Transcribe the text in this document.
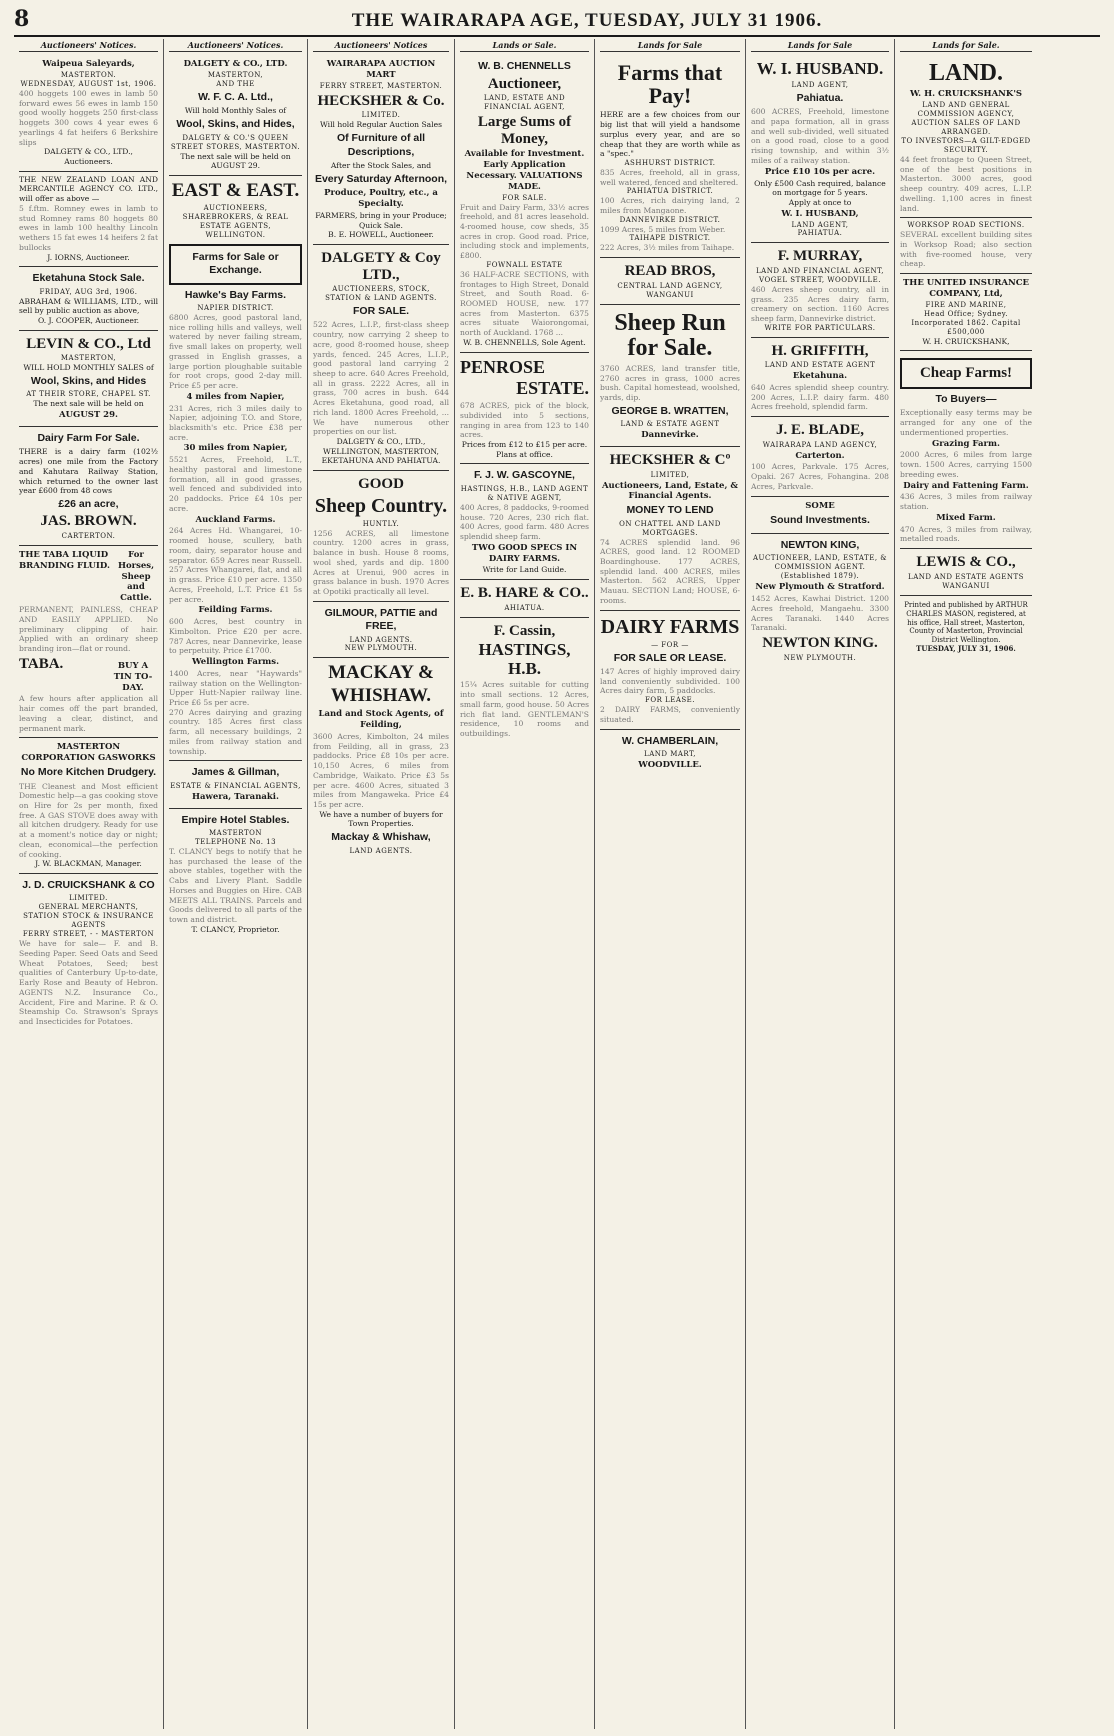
8	THE WAIRARAPA AGE, TUESDAY, JULY 31 1906.
Auctioneers' Notices.
Waipeua Saleyards,
MASTERTON.
WEDNESDAY, AUGUST 1st, 1906.
400 hoggets 100 ewes in lamb 50 forward ewes 56 ewes in lamb 150 good woolly hoggets 250 first-class hoggets 300 cows 4 year ewes 6 yearlings 4 fat heifers 6 Berkshire slips
DALGETY & CO., LTD., Auctioneers.
THE NEW ZEALAND LOAN AND MERCANTILE AGENCY CO. LTD., will offer as above —
5 f.ftm. Romney ewes in lamb to stud Romney rams 80 hoggets 80 ewes in lamb 100 healthy Lincoln wethers 15 fat ewes 14 heifers 2 fat bullocks
J. IORNS, Auctioneer.
Eketahuna Stock Sale.
FRIDAY, AUG 3rd, 1906.
ABRAHAM & WILLIAMS, LTD., will sell by public auction as above,
O. J. COOPER, Auctioneer.
LEVIN & CO., Ltd
MASTERTON,
WILL HOLD MONTHLY SALES of
Wool, Skins, and Hides
AT THEIR STORE, CHAPEL ST.
The next sale will be held on
AUGUST 29.
Dairy Farm For Sale.
THERE is a dairy farm (102½ acres) one mile from the Factory and Kahutara Railway Station, which returned to the owner last year £600 from 48 cows
£26 an acre,
JAS. BROWN.
CARTERTON.
THE TABA LIQUID BRANDING FLUID.
For Horses, Sheep and Cattle.
PERMANENT, PAINLESS, CHEAP AND EASILY APPLIED. No preliminary clipping of hair. Applied with an ordinary sheep branding iron—flat or round.
TABA.	BUY A TIN TO-DAY.
A few hours after application all hair comes off the part branded, leaving a clear, distinct, and permanent mark.
MASTERTON CORPORATION GASWORKS
No More Kitchen Drudgery.
THE Cleanest and Most efficient Domestic help—a gas cooking stove on Hire for 2s per month, fixed free. A GAS STOVE does away with all kitchen drudgery. Ready for use at a moment's notice day or night; clean, economical—the perfection of cooking.
J. W. BLACKMAN, Manager.
J. D. CRUICKSHANK & CO
LIMITED.
GENERAL MERCHANTS, STATION STOCK & INSURANCE AGENTS
FERRY STREET, - - MASTERTON
We have for sale— F. and B. Seeding Paper. Seed Oats and Seed Wheat Potatoes, Seed; best qualities of Canterbury Up-to-date, Early Rose and Beauty of Hebron. AGENTS N.Z. Insurance Co., Accident, Fire and Marine. P. & O. Steamship Co. Strawson's Sprays and Insecticides for Potatoes.
Auctioneers' Notices.
DALGETY & CO., LTD.
MASTERTON,
AND THE
W. F. C. A. Ltd.,
Will hold Monthly Sales of
Wool, Skins, and Hides,
DALGETY & CO.'S QUEEN STREET STORES, MASTERTON.
The next sale will be held on AUGUST 29.
EAST & EAST.
AUCTIONEERS, SHAREBROKERS, & REAL ESTATE AGENTS,
WELLINGTON.
Farms for Sale or Exchange.
Hawke's Bay Farms.
NAPIER DISTRICT.
6800 Acres, good pastoral land, nice rolling hills and valleys, well watered by never failing stream, five small lakes on property, well grassed in English grasses, a large portion ploughable suitable for root crops, good 2-day mill. Price £5 per acre.
4 miles from Napier,
231 Acres, rich 3 miles daily to Napier, adjoining T.O. and Store, blacksmith's etc. Price £38 per acre.
30 miles from Napier,
5521 Acres, Freehold, L.T., healthy pastoral and limestone formation, all in good grasses, well fenced and subdivided into 20 paddocks. Price £4 10s per acre.
Auckland Farms.
264 Acres Hd. Whangarei, 10-roomed house, scullery, bath room, dairy, separator house and separator. 659 Acres near Russell. 257 Acres Whangarei, flat, and all in grass. Price £10 per acre. 1350 Acres, Freehold, L.T. Price £1 5s per acre.
Feilding Farms.
600 Acres, best country in Kimbolton. Price £20 per acre. 787 Acres, near Dannevirke, lease to perpetuity. Price £1700.
Wellington Farms.
1400 Acres, near "Haywards" railway station on the Wellington-Upper Hutt-Napier railway line. Price £6 5s per acre.
270 Acres dairying and grazing country. 185 Acres first class farm, all necessary buildings, 2 miles from railway station and township.
James & Gillman,
ESTATE & FINANCIAL AGENTS,
Hawera, Taranaki.
Empire Hotel Stables.
MASTERTON
TELEPHONE No. 13
T. CLANCY begs to notify that he has purchased the lease of the above stables, together with the Cabs and Livery Plant. Saddle Horses and Buggies on Hire. CAB MEETS ALL TRAINS. Parcels and Goods delivered to all parts of the town and district.
T. CLANCY, Proprietor.
Auctioneers' Notices
WAIRARAPA AUCTION MART
FERRY STREET, MASTERTON.
HECKSHER & Co.
LIMITED.
Will hold Regular Auction Sales
Of Furniture of all Descriptions,
After the Stock Sales, and
Every Saturday Afternoon,
Produce, Poultry, etc., a Specialty.
FARMERS, bring in your Produce; Quick Sale.
B. E. HOWELL, Auctioneer.
DALGETY & Coy LTD.,
AUCTIONEERS, STOCK, STATION & LAND AGENTS.
FOR SALE.
522 Acres, L.I.P., first-class sheep country, now carrying 2 sheep to acre, good 8-roomed house, sheep yards, fenced. 245 Acres, L.I.P., good pastoral land carrying 2 sheep to acre. 640 Acres Freehold, all in grass. 2222 Acres, all in grass, 700 acres in bush. 644 Acres Eketahuna, good road, all rich land. 1800 Acres Freehold, ... We have numerous other properties on our list.
DALGETY & CO., LTD., WELLINGTON, MASTERTON, EKETAHUNA AND PAHIATUA.
GOOD
Sheep Country.
HUNTLY.
1256 ACRES, all limestone country. 1200 acres in grass, balance in bush. House 8 rooms, wool shed, yards and dip. 1800 Acres at Urenui, 900 acres in grass balance in bush. 1970 Acres at Opotiki practically all level.
GILMOUR, PATTIE and FREE,
LAND AGENTS.
NEW PLYMOUTH.
MACKAY &
WHISHAW.
Land and Stock Agents, of Feilding,
3600 Acres, Kimbolton, 24 miles from Feilding, all in grass, 23 paddocks. Price £8 10s per acre. 10,150 Acres, 6 miles from Cambridge, Waikato. Price £3 5s per acre. 4600 Acres, situated 3 miles from Mangaweka. Price £4 15s per acre.
We have a number of buyers for Town Properties.
Mackay & Whishaw,
LAND AGENTS.
Lands or Sale.
W. B. CHENNELLS
Auctioneer,
LAND, ESTATE AND FINANCIAL AGENT,
Large Sums of Money,
Available for Investment. Early Application Necessary. VALUATIONS MADE.
FOR SALE.
Fruit and Dairy Farm, 33½ acres freehold, and 81 acres leasehold. 4-roomed house, cow sheds, 35 acres in crop. Good road. Price, including stock and implements, £800.
FOWNALL ESTATE
36 HALF-ACRE SECTIONS, with frontages to High Street, Donald Street, and South Road. 6-ROOMED HOUSE, new. 177 acres from Masterton. 6375 acres situate Waiorongomai, north of Auckland. 1768 ...
W. B. CHENNELLS, Sole Agent.
PENROSE
ESTATE.
678 ACRES, pick of the block, subdivided into 5 sections, ranging in area from 123 to 140 acres.
Prices from £12 to £15 per acre.
Plans at office.
F. J. W. GASCOYNE,
HASTINGS, H.B., LAND AGENT & NATIVE AGENT,
400 Acres, 8 paddocks, 9-roomed house. 720 Acres, 230 rich flat. 400 Acres, good farm. 480 Acres splendid sheep farm.
TWO GOOD SPECS IN DAIRY FARMS.
Write for Land Guide.
E. B. HARE & CO..
AHIATUA.
F. Cassin,
HASTINGS, H.B.
15¼ Acres suitable for cutting into small sections. 12 Acres, small farm, good house. 50 Acres rich flat land. GENTLEMAN'S residence, 10 rooms and outbuildings.
Lands for Sale
Farms that Pay!
HERE are a few choices from our big list that will yield a handsome surplus every year, and are so cheap that they are worth while as a "spec."
ASHHURST DISTRICT.
835 Acres, freehold, all in grass, well watered, fenced and sheltered.
PAHIATUA DISTRICT.
100 Acres, rich dairying land, 2 miles from Mangaone.
DANNEVIRKE DISTRICT.
1099 Acres, 5 miles from Weber.
TAIHAPE DISTRICT.
222 Acres, 3½ miles from Taihape.
READ BROS,
CENTRAL LAND AGENCY, WANGANUI
Sheep Run for Sale.
3760 ACRES, land transfer title, 2760 acres in grass, 1000 acres bush. Capital homestead, woolshed, yards, dip.
GEORGE B. WRATTEN,
LAND & ESTATE AGENT
Dannevirke.
HECKSHER & Cº
LIMITED,
Auctioneers, Land, Estate, & Financial Agents.
MONEY TO LEND
ON CHATTEL AND LAND MORTGAGES.
74 ACRES splendid land. 96 ACRES, good land. 12 ROOMED Boardinghouse. 177 ACRES, splendid land. 400 ACRES, miles Masterton. 562 ACRES, Upper Mauau. SECTION Land; HOUSE, 6-rooms.
DAIRY FARMS
— FOR —
FOR SALE OR LEASE.
147 Acres of highly improved dairy land conveniently subdivided. 100 Acres dairy farm, 5 paddocks.
FOR LEASE.
2 DAIRY FARMS, conveniently situated.
W. CHAMBERLAIN,
LAND MART,
WOODVILLE.
Lands for Sale
W. I. HUSBAND.
LAND AGENT,
Pahiatua.
600 ACRES, Freehold, limestone and papa formation, all in grass and well sub-divided, well situated on a good road, close to a good rising township, and within 3½ miles of a railway station.
Price £10 10s per acre.
Only £500 Cash required, balance on mortgage for 5 years.
Apply at once to
W. I. HUSBAND,
LAND AGENT,
PAHIATUA.
F. MURRAY,
LAND AND FINANCIAL AGENT,
VOGEL STREET, WOODVILLE.
460 Acres sheep country, all in grass. 235 Acres dairy farm, creamery on section. 1160 Acres sheep farm, Dannevirke district.
WRITE FOR PARTICULARS.
H. GRIFFITH,
LAND AND ESTATE AGENT
Eketahuna.
640 Acres splendid sheep country. 200 Acres, L.I.P. dairy farm. 480 Acres freehold, splendid farm.
J. E. BLADE,
WAIRARAPA LAND AGENCY,
Carterton.
100 Acres, Parkvale. 175 Acres, Opaki. 267 Acres, Fohangina. 208 Acres, Parkvale.
SOME
Sound Investments.
NEWTON KING,
AUCTIONEER, LAND, ESTATE, & COMMISSION AGENT.
(Established 1879).
New Plymouth & Stratford.
1452 Acres, Kawhai District. 1200 Acres freehold, Mangaehu. 3300 Acres Taranaki. 1440 Acres Taranaki.
NEWTON KING.
NEW PLYMOUTH.
Lands for Sale.
LAND.
W. H. CRUICKSHANK'S
LAND AND GENERAL COMMISSION AGENCY, AUCTION SALES OF LAND ARRANGED.
TO INVESTORS—A GILT-EDGED SECURITY.
44 feet frontage to Queen Street, one of the best positions in Masterton. 3000 acres, good sheep country. 409 acres, L.I.P. dwelling. 1,100 acres in finest land.
WORKSOP ROAD SECTIONS.
SEVERAL excellent building sites in Worksop Road; also section with five-roomed house, very cheap.
THE UNITED INSURANCE COMPANY, Ltd,
FIRE AND MARINE,
Head Office; Sydney.
Incorporated 1862. Capital £500,000
W. H. CRUICKSHANK,
Cheap Farms!
To Buyers—
Exceptionally easy terms may be arranged for any one of the undermentioned properties.
Grazing Farm.
2000 Acres, 6 miles from large town. 1500 Acres, carrying 1500 breeding ewes.
Dairy and Fattening Farm.
436 Acres, 3 miles from railway station.
Mixed Farm.
470 Acres, 3 miles from railway, metalled roads.
LEWIS & CO.,
LAND AND ESTATE AGENTS
WANGANUI
Printed and published by ARTHUR CHARLES MASON, registered, at his office, Hall street, Masterton, County of Masterton, Provincial District Wellington.
TUESDAY, JULY 31, 1906.
